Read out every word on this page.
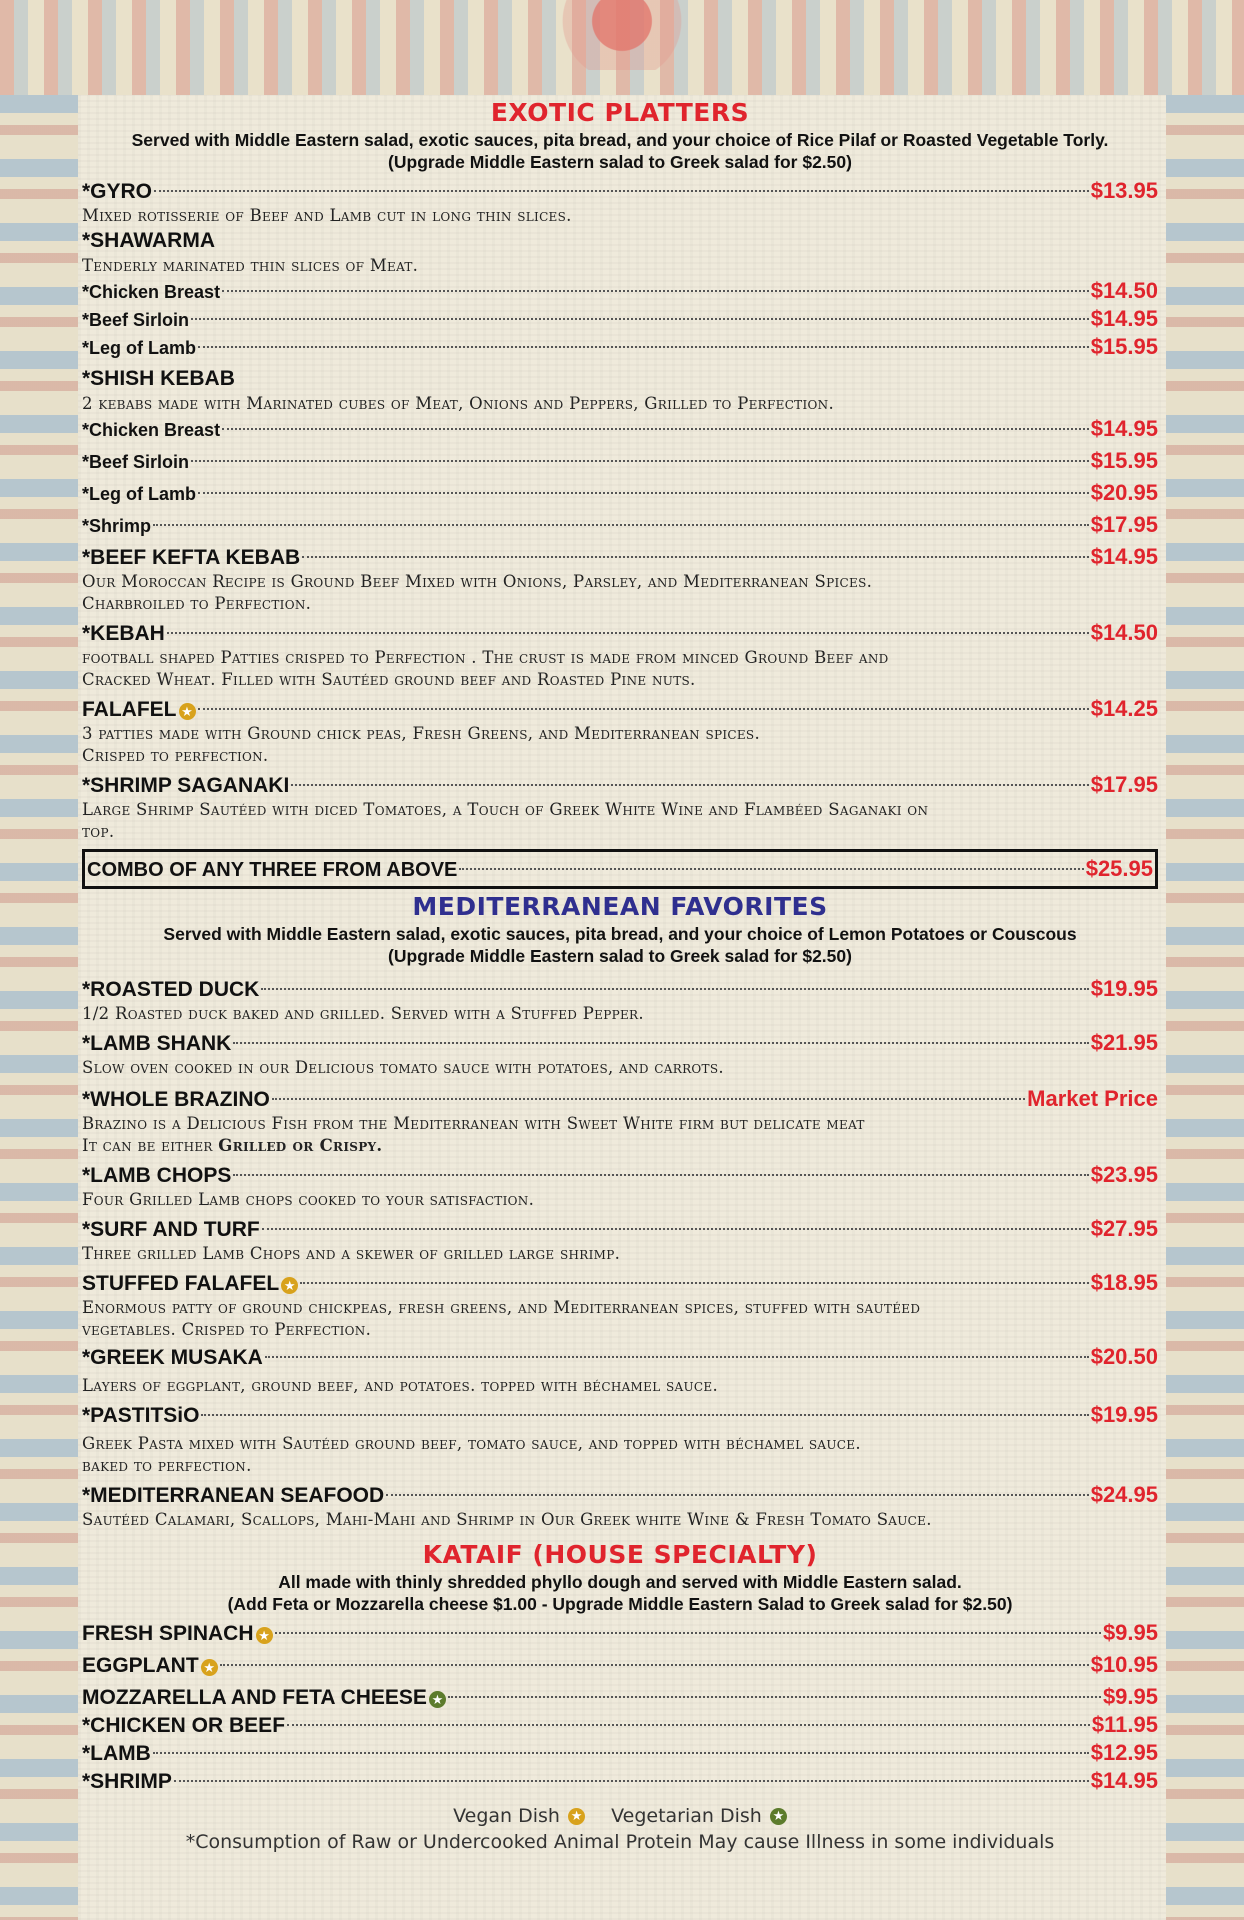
EXOTIC PLATTERS

Served with Middle Eastern salad, exotic sauces, pita bread, and your choice of Rice Pilaf or Roasted Vegetable Torly.

(Upgrade Middle Eastern salad to Greek salad for $2.50)

*GYRO	$13.95

Mixed rotisserie of Beef and Lamb cut in long thin slices.

*SHAWARMA

Tenderly marinated thin slices of Meat.

*Chicken Breast	$14.50
*Beef Sirloin	$14.95
*Leg of Lamb	$15.95
*SHISH KEBAB

2 kebabs made with Marinated cubes of Meat, Onions and Peppers, Grilled to Perfection.

*Chicken Breast	$14.95
*Beef Sirloin	$15.95
*Leg of Lamb	$20.95
*Shrimp	$17.95
*BEEF KEFTA KEBAB	$14.95

Our Moroccan Recipe is Ground Beef Mixed with Onions, Parsley, and Mediterranean Spices.

Charbroiled to Perfection.

*KEBAH	$14.50

football shaped Patties crisped to Perfection . The crust is made from minced Ground Beef and

Cracked Wheat. Filled with Sautéed ground beef and Roasted Pine nuts.

FALAFEL ★	$14.25

3 patties made with Ground chick peas, Fresh Greens, and Mediterranean spices.

Crisped to perfection.

*SHRIMP SAGANAKI	$17.95

Large Shrimp Sautéed with diced Tomatoes, a Touch of Greek White Wine and Flambéed Saganaki on

top.

COMBO OF ANY THREE FROM ABOVE	$25.95
MEDITERRANEAN FAVORITES

Served with Middle Eastern salad, exotic sauces, pita bread, and your choice of Lemon Potatoes or Couscous

(Upgrade Middle Eastern salad to Greek salad for $2.50)

*ROASTED DUCK	$19.95

1/2 Roasted duck baked and grilled. Served with a Stuffed Pepper.

*LAMB SHANK	$21.95

Slow oven cooked in our Delicious tomato sauce with potatoes, and carrots.

*WHOLE BRAZINO	Market Price

Brazino is a Delicious Fish from the Mediterranean with Sweet White firm but delicate meat

It can be either Grilled or Crispy.

*LAMB CHOPS	$23.95

Four Grilled Lamb chops cooked to your satisfaction.

*SURF AND TURF	$27.95

Three grilled Lamb Chops and a skewer of grilled large shrimp.

STUFFED FALAFEL ★	$18.95

Enormous patty of ground chickpeas, fresh greens, and Mediterranean spices, stuffed with sautéed

vegetables. Crisped to Perfection.

*GREEK MUSAKA	$20.50

Layers of eggplant, ground beef, and potatoes. topped with béchamel sauce.

*PASTITSiO	$19.95

Greek Pasta mixed with Sautéed ground beef, tomato sauce, and topped with béchamel sauce.

baked to perfection.

*MEDITERRANEAN SEAFOOD	$24.95

Sautéed Calamari, Scallops, Mahi-Mahi and Shrimp in Our Greek white Wine & Fresh Tomato Sauce.

KATAIF (HOUSE SPECIALTY)

All made with thinly shredded phyllo dough and served with Middle Eastern salad.

(Add Feta or Mozzarella cheese $1.00 - Upgrade Middle Eastern Salad to Greek salad for $2.50)

FRESH SPINACH ★	$9.95
EGGPLANT ★	$10.95
MOZZARELLA AND FETA CHEESE ★	$9.95
*CHICKEN OR BEEF	$11.95
*LAMB	$12.95
*SHRIMP	$14.95
Vegan Dish ★ Vegetarian Dish ★
*Consumption of Raw or Undercooked Animal Protein May cause Illness in some individuals
